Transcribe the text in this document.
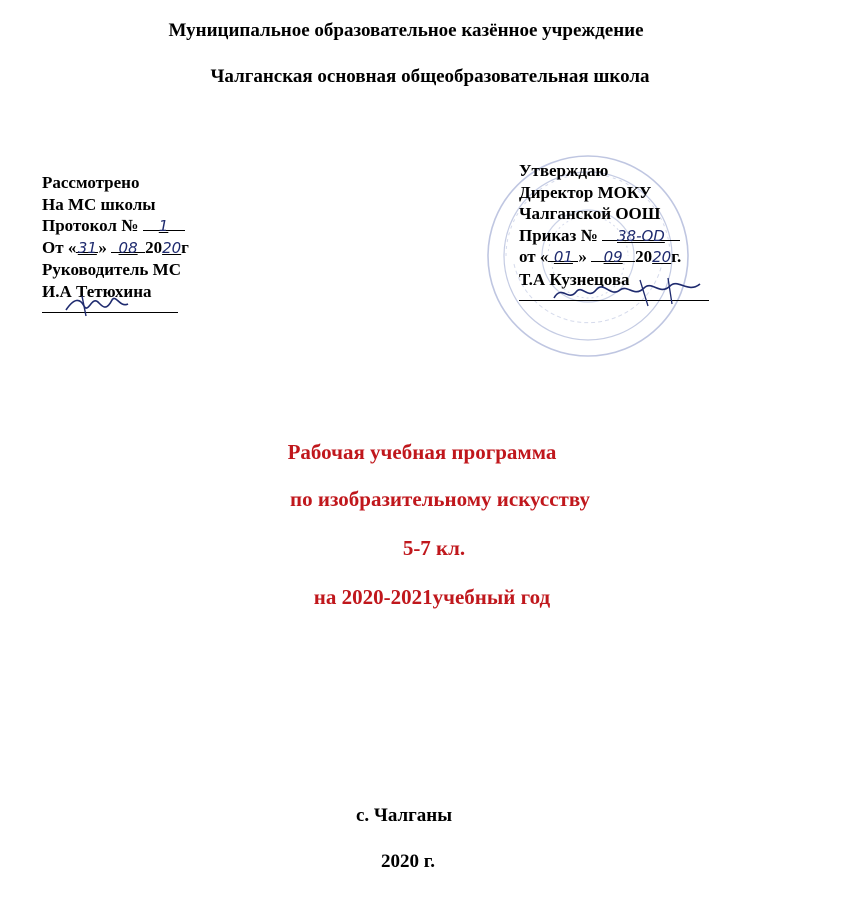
Муниципальное образовательное казённое учреждение
Чалганская основная общеобразовательная школа
Рассмотрено
На МС школы
Протокол № 1
От «31» 08 2020г
Руководитель МС
И.А Тетюхина
Утверждаю
Директор МОКУ
Чалганской ООШ
Приказ № 38-OD
от « 01 » 09 2020г.
Т.А Кузнецова
Рабочая учебная программа
по изобразительному искусству
5-7 кл.
на 2020-2021учебный год
с. Чалганы
2020 г.
